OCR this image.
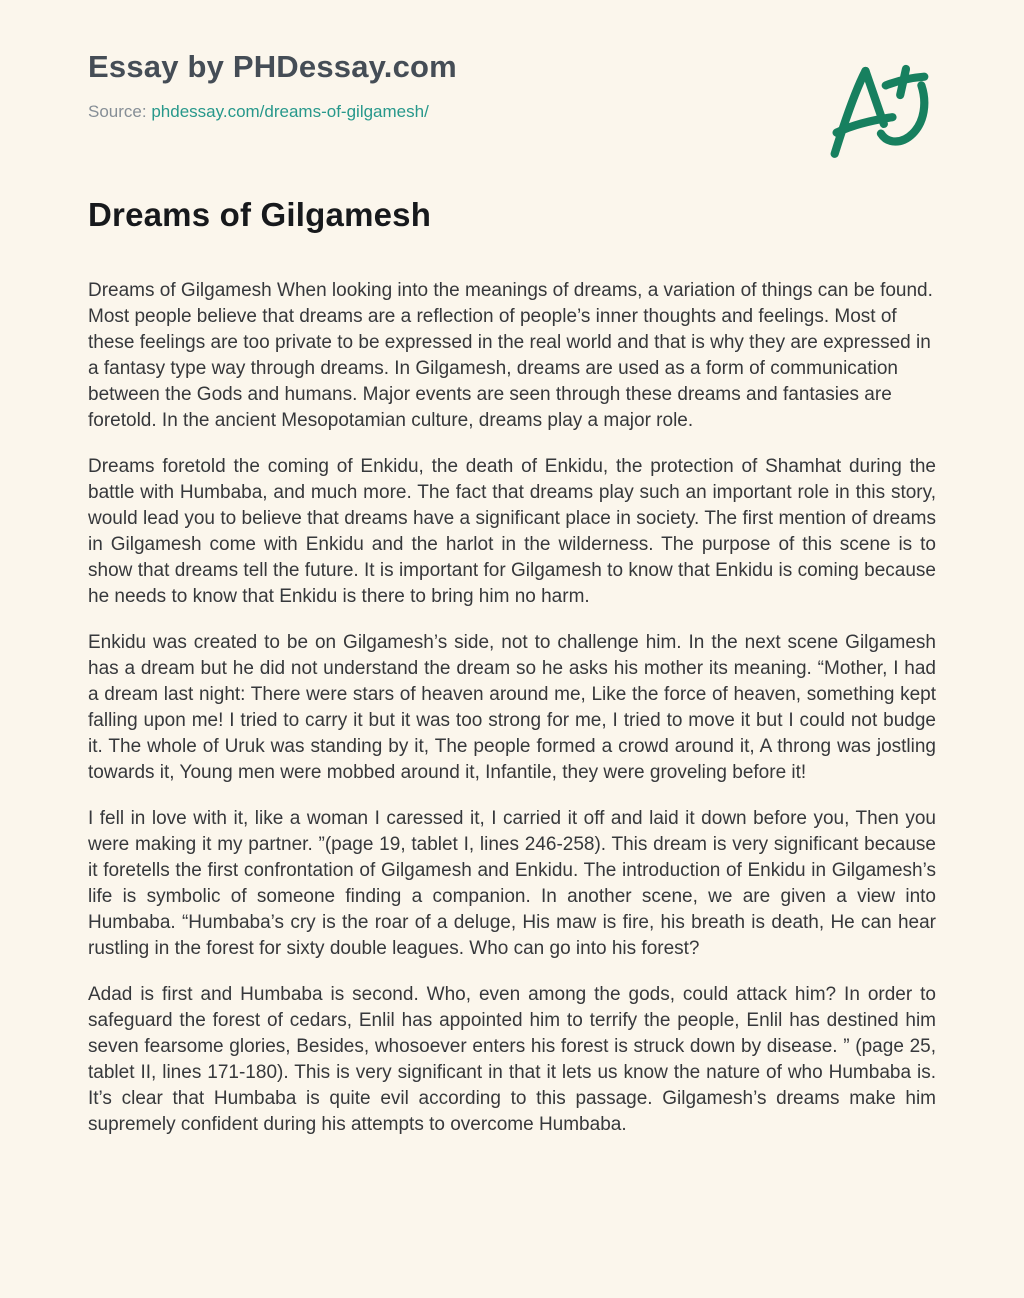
Essay by PHDessay.com
Source: phdessay.com/dreams-of-gilgamesh/
Dreams of Gilgamesh

Dreams of Gilgamesh When looking into the meanings of dreams, a variation of things can be found. Most people believe that dreams are a reflection of people’s inner thoughts and feelings. Most of these feelings are too private to be expressed in the real world and that is why they are expressed in a fantasy type way through dreams. In Gilgamesh, dreams are used as a form of communication between the Gods and humans. Major events are seen through these dreams and fantasies are foretold. In the ancient Mesopotamian culture, dreams play a major role.

Dreams foretold the coming of Enkidu, the death of Enkidu, the protection of Shamhat during the battle with Humbaba, and much more. The fact that dreams play such an important role in this story, would lead you to believe that dreams have a significant place in society. The first mention of dreams in Gilgamesh come with Enkidu and the harlot in the wilderness. The purpose of this scene is to show that dreams tell the future. It is important for Gilgamesh to know that Enkidu is coming because he needs to know that Enkidu is there to bring him no harm.

Enkidu was created to be on Gilgamesh’s side, not to challenge him. In the next scene Gilgamesh has a dream but he did not understand the dream so he asks his mother its meaning. “Mother, I had a dream last night: There were stars of heaven around me, Like the force of heaven, something kept falling upon me! I tried to carry it but it was too strong for me, I tried to move it but I could not budge it. The whole of Uruk was standing by it, The people formed a crowd around it, A throng was jostling towards it, Young men were mobbed around it, Infantile, they were groveling before it!

I fell in love with it, like a woman I caressed it, I carried it off and laid it down before you, Then you were making it my partner. ”(page 19, tablet I, lines 246-258). This dream is very significant because it foretells the first confrontation of Gilgamesh and Enkidu. The introduction of Enkidu in Gilgamesh’s life is symbolic of someone finding a companion. In another scene, we are given a view into Humbaba. “Humbaba’s cry is the roar of a deluge, His maw is fire, his breath is death, He can hear rustling in the forest for sixty double leagues. Who can go into his forest?

Adad is first and Humbaba is second. Who, even among the gods, could attack him? In order to safeguard the forest of cedars, Enlil has appointed him to terrify the people, Enlil has destined him seven fearsome glories, Besides, whosoever enters his forest is struck down by disease. ” (page 25, tablet II, lines 171-180). This is very significant in that it lets us know the nature of who Humbaba is. It’s clear that Humbaba is quite evil according to this passage. Gilgamesh’s dreams make him supremely confident during his attempts to overcome Humbaba.
